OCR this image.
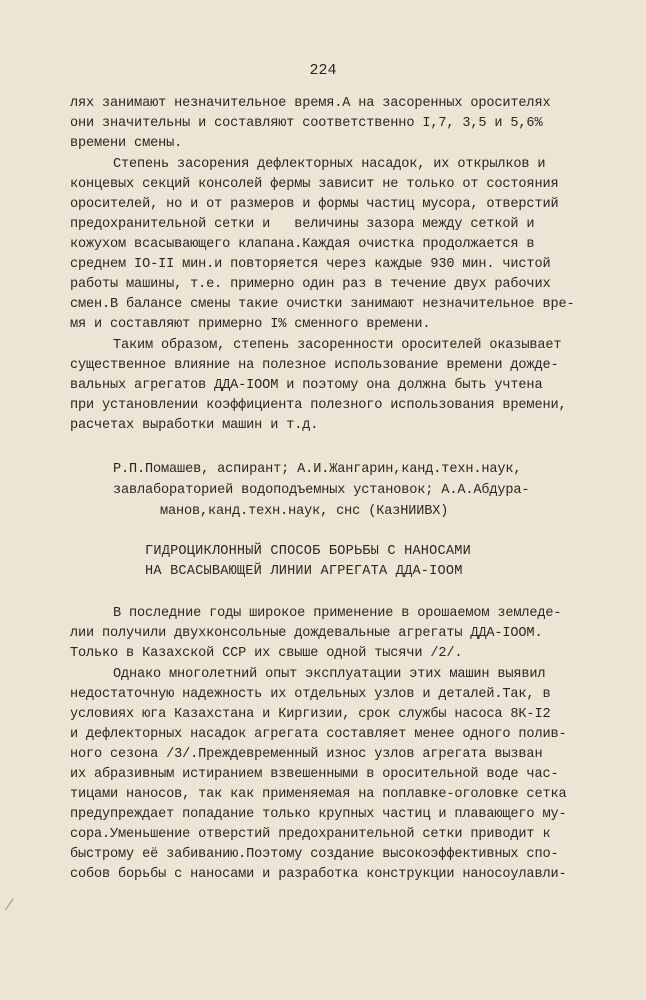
224
лях занимают незначительное время.А на засоренных оросителях
они значительны и составляют соответственно I,7, 3,5 и 5,6%
времени смены.
Степень засорения дефлекторных насадок, их открылков и
концевых секций консолей фермы зависит не только от состояния
оросителей, но и от размеров и формы частиц мусора, отверстий
предохранительной сетки и   величины зазора между сеткой и
кожухом всасывающего клапана.Каждая очистка продолжается в
среднем IO-II мин.и повторяется через каждые 930 мин. чистой
работы машины, т.е. примерно один раз в течение двух рабочих
смен.В балансе смены такие очистки занимают незначительное вре-
мя и составляют примерно I% сменного времени.
Таким образом, степень засоренности оросителей оказывает
существенное влияние на полезное использование времени дожде-
вальных агрегатов ДДА-IOOM и поэтому она должна быть учтена
при установлении коэффициента полезного использования времени,
расчетах выработки машин и т.д.
Р.П.Помашев, аспирант; А.И.Жангарин,канд.техн.наук,
завлабораторией водоподъемных установок; А.А.Абдура-
манов,канд.техн.наук, снс (КазНИИВХ)
ГИДРОЦИКЛОННЫЙ СПОСОБ БОРЬБЫ С НАНОСАМИ
НА ВСАСЫВАЮЩЕЙ ЛИНИИ АГРЕГАТА ДДА-IOOM
В последние годы широкое применение в орошаемом земледе-
лии получили двухконсольные дождевальные агрегаты ДДА-IOOM.
Только в Казахской ССР их свыше одной тысячи /2/.
Однако многолетний опыт эксплуатации этих машин выявил
недостаточную надежность их отдельных узлов и деталей.Так, в
условиях юга Казахстана и Киргизии, срок службы насоса 8К-I2
и дефлекторных насадок агрегата составляет менее одного полив-
ного сезона /3/.Преждевременный износ узлов агрегата вызван
их абразивным истиранием взвешенными в оросительной воде час-
тицами наносов, так как применяемая на поплавке-оголовке сетка
предупреждает попадание только крупных частиц и плавающего му-
сора.Уменьшение отверстий предохранительной сетки приводит к
быстрому её забиванию.Поэтому создание высокоэффективных спо-
собов борьбы с наносами и разработка конструкции наносоулавли-
